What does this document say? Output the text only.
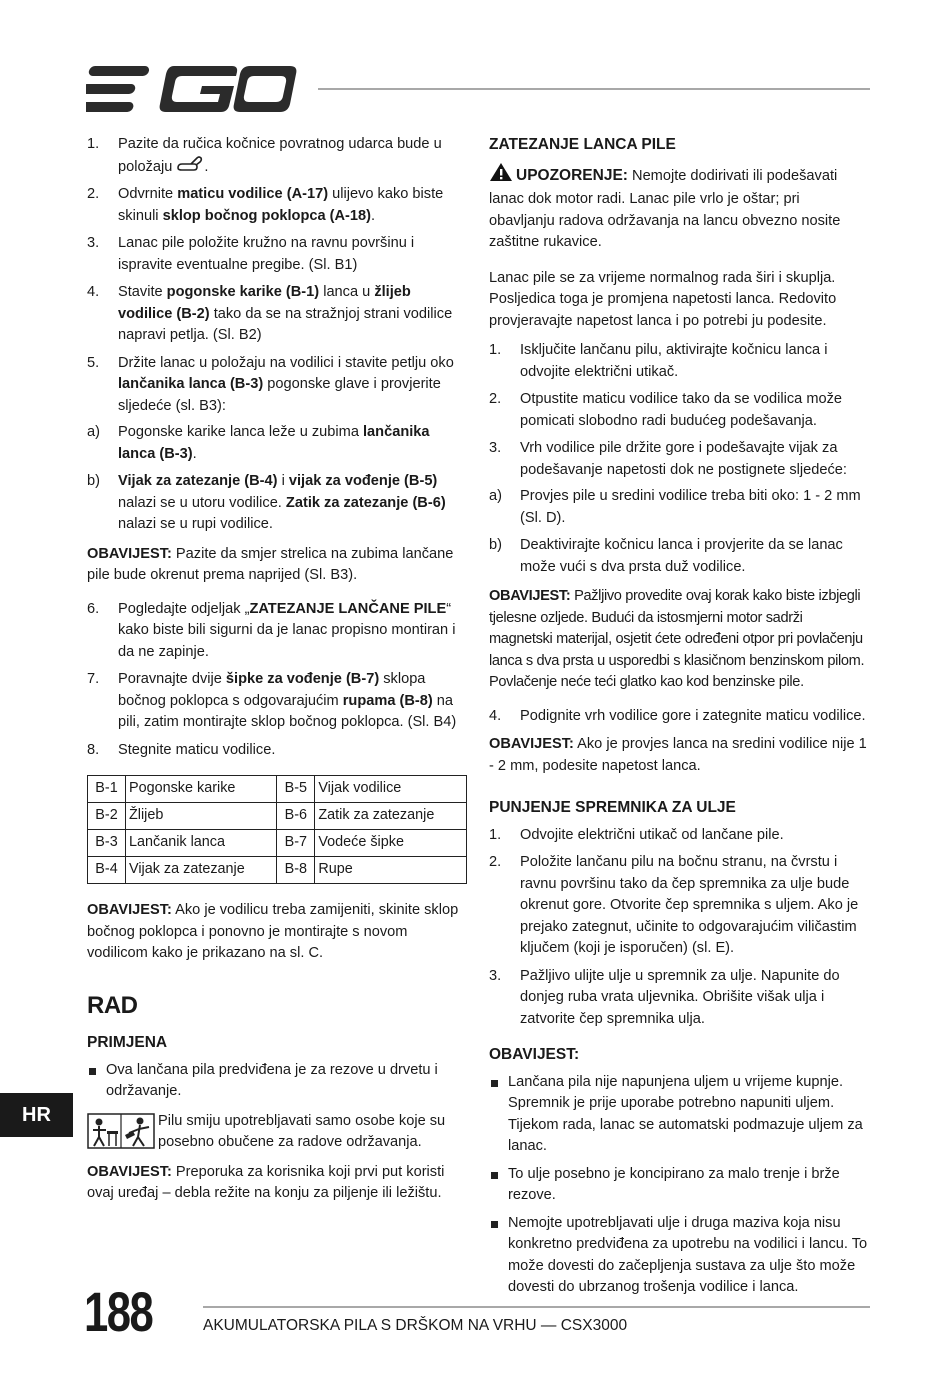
HR
1. Pazite da ručica kočnice povratnog udarca bude u položaju .
2. Odvrnite maticu vodilice (A-17) ulijevo kako biste skinuli sklop bočnog poklopca (A-18).
3. Lanac pile položite kružno na ravnu površinu i ispravite eventualne pregibe. (Sl. B1)
4. Stavite pogonske karike (B-1) lanca u žlijeb vodilice (B-2) tako da se na stražnjoj strani vodilice napravi petlja. (Sl. B2)
5. Držite lanac u položaju na vodilici i stavite petlju oko lančanika lanca (B-3) pogonske glave i provjerite sljedeće (sl. B3):
a) Pogonske karike lanca leže u zubima lančanika lanca (B-3).
b) Vijak za zatezanje (B-4) i vijak za vođenje (B-5) nalazi se u utoru vodilice. Zatik za zatezanje (B-6) nalazi se u rupi vodilice.

OBAVIJEST: Pazite da smjer strelica na zubima lančane pile bude okrenut prema naprijed (Sl. B3).

6. Pogledajte odjeljak „ZATEZANJE LANČANE PILE“ kako biste bili sigurni da je lanac propisno montiran i da ne zapinje.
7. Poravnajte dvije šipke za vođenje (B-7) sklopa bočnog poklopca s odgovarajućim rupama (B-8) na pili, zatim montirajte sklop bočnog poklopca. (Sl. B4)
8. Stegnite maticu vodilice.
B-1	Pogonske karike	B-5	Vijak vodilice
B-2	Žlijeb	B-6	Zatik za zatezanje
B-3	Lančanik lanca	B-7	Vodeće šipke
B-4	Vijak za zatezanje	B-8	Rupe

OBAVIJEST: Ako je vodilicu treba zamijeniti, skinite sklop bočnog poklopca i ponovno je montirajte s novom vodilicom kako je prikazano na sl. C.

RAD
PRIMJENA
Ova lančana pila predviđena je za rezove u drvetu i održavanje.
Pilu smiju upotrebljavati samo osobe koje su posebno obučene za radove održavanja.

OBAVIJEST: Preporuka za korisnika koji prvi put koristi ovaj uređaj – debla režite na konju za piljenje ili ležištu.

ZATEZANJE LANCA PILE

UPOZORENJE: Nemojte dodirivati ili podešavati lanac dok motor radi. Lanac pile vrlo je oštar; pri obavljanju radova održavanja na lancu obvezno nosite zaštitne rukavice.

Lanac pile se za vrijeme normalnog rada širi i skuplja. Posljedica toga je promjena napetosti lanca. Redovito provjeravajte napetost lanca i po potrebi ju podesite.

1. Isključite lančanu pilu, aktivirajte kočnicu lanca i odvojite električni utikač.
2. Otpustite maticu vodilice tako da se vodilica može pomicati slobodno radi budućeg podešavanja.
3. Vrh vodilice pile držite gore i podešavajte vijak za podešavanje napetosti dok ne postignete sljedeće:
a) Provjes pile u sredini vodilice treba biti oko: 1 - 2 mm (Sl. D).
b) Deaktivirajte kočnicu lanca i provjerite da se lanac može vući s dva prsta duž vodilice.

OBAVIJEST: Pažljivo provedite ovaj korak kako biste izbjegli tjelesne ozljede. Budući da istosmjerni motor sadrži magnetski materijal, osjetit ćete određeni otpor pri povlačenju lanca s dva prsta u usporedbi s klasičnom benzinskom pilom. Povlačenje neće teći glatko kao kod benzinske pile.

4. Podignite vrh vodilice gore i zategnite maticu vodilice.

OBAVIJEST: Ako je provjes lanca na sredini vodilice nije 1 - 2 mm, podesite napetost lanca.

PUNJENJE SPREMNIKA ZA ULJE
1. Odvojite električni utikač od lančane pile.
2. Položite lančanu pilu na bočnu stranu, na čvrstu i ravnu površinu tako da čep spremnika za ulje bude okrenut gore. Otvorite čep spremnika s uljem. Ako je prejako zategnut, učinite to odgovarajućim viličastim ključem (koji je isporučen) (sl. E).
3. Pažljivo ulijte ulje u spremnik za ulje. Napunite do donjeg ruba vrata uljevnika. Obrišite višak ulja i zatvorite čep spremnika ulja.
OBAVIJEST:
Lančana pila nije napunjena uljem u vrijeme kupnje. Spremnik je prije uporabe potrebno napuniti uljem. Tijekom rada, lanac se automatski podmazuje uljem za lanac.
To ulje posebno je koncipirano za malo trenje i brže rezove.
Nemojte upotrebljavati ulje i druga maziva koja nisu konkretno predviđena za upotrebu na vodilici i lancu. To može dovesti do začepljenja sustava za ulje što može dovesti do ubrzanog trošenja vodilice i lanca.
188	AKUMULATORSKA PILA S DRŠKOM NA VRHU — CSX3000
